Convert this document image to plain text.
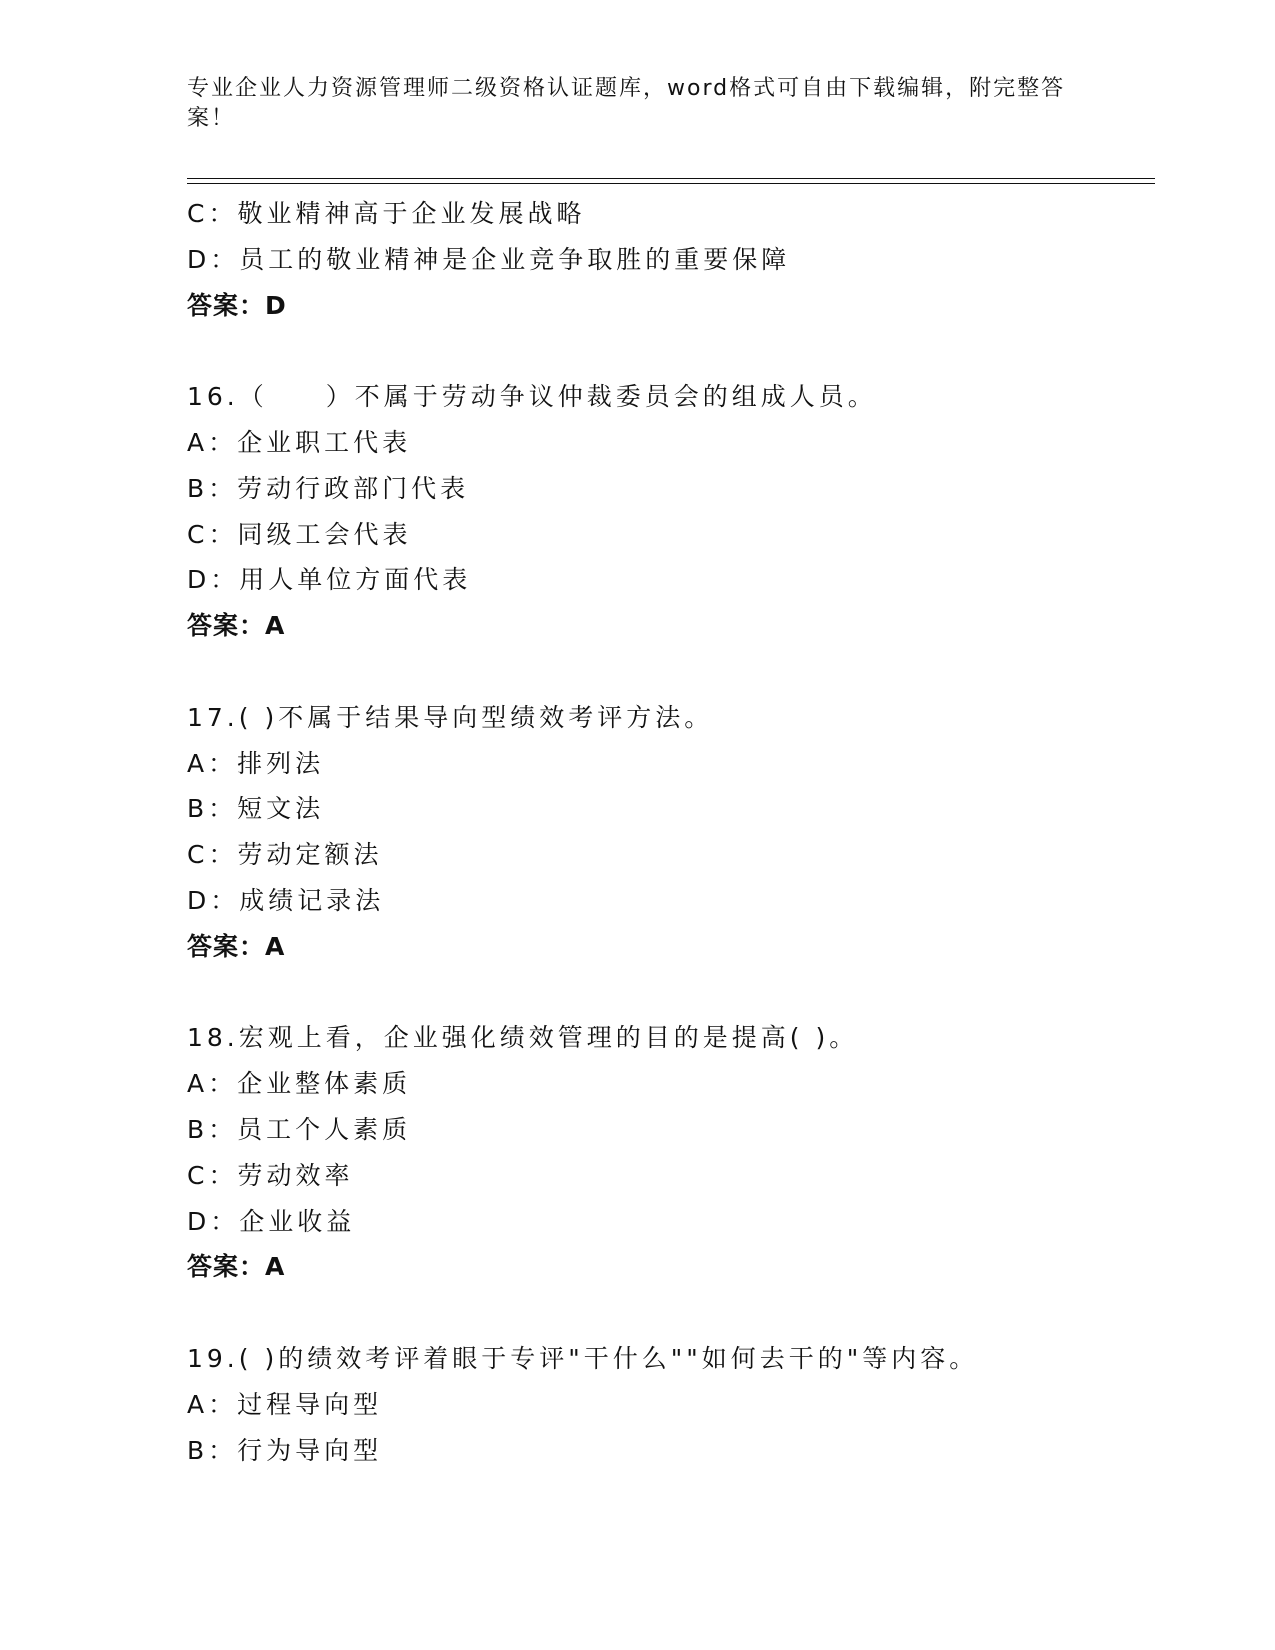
专业企业人力资源管理师二级资格认证题库，word格式可自由下载编辑，附完整答案！

C：敬业精神高于企业发展战略
D：员工的敬业精神是企业竞争取胜的重要保障
答案：D
16.（　　）不属于劳动争议仲裁委员会的组成人员。
A：企业职工代表
B：劳动行政部门代表
C：同级工会代表
D：用人单位方面代表
答案：A
17.( )不属于结果导向型绩效考评方法。
A：排列法
B：短文法
C：劳动定额法
D：成绩记录法
答案：A
18.宏观上看，企业强化绩效管理的目的是提高( )。
A：企业整体素质
B：员工个人素质
C：劳动效率
D：企业收益
答案：A
19.( )的绩效考评着眼于专评"干什么""如何去干的"等内容。
A：过程导向型
B：行为导向型
